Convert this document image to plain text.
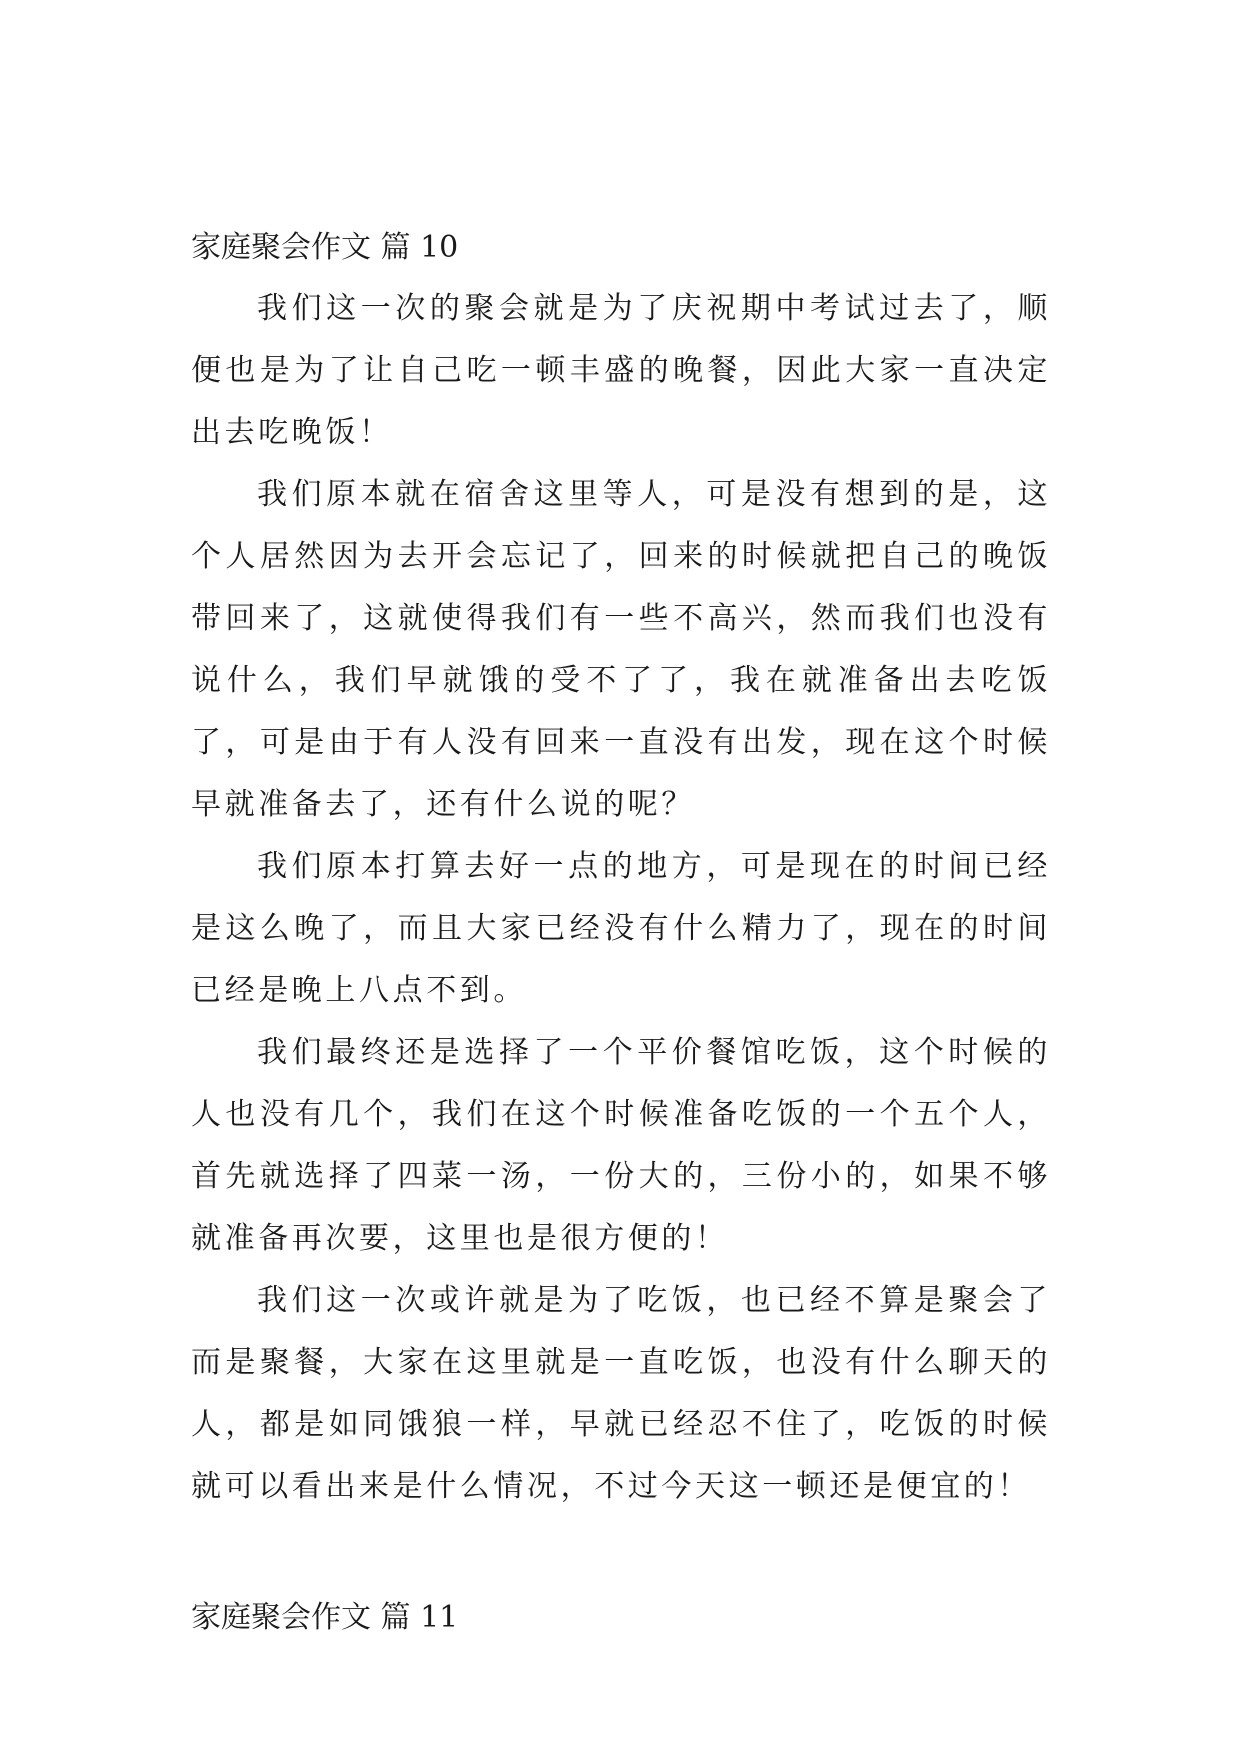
家庭聚会作文 篇 10

我们这一次的聚会就是为了庆祝期中考试过去了，顺便也是为了让自己吃一顿丰盛的晚餐，因此大家一直决定出去吃晚饭！

我们原本就在宿舍这里等人，可是没有想到的是，这个人居然因为去开会忘记了，回来的时候就把自己的晚饭带回来了，这就使得我们有一些不高兴，然而我们也没有说什么，我们早就饿的受不了了，我在就准备出去吃饭了，可是由于有人没有回来一直没有出发，现在这个时候早就准备去了，还有什么说的呢？

我们原本打算去好一点的地方，可是现在的时间已经是这么晚了，而且大家已经没有什么精力了，现在的时间已经是晚上八点不到。

我们最终还是选择了一个平价餐馆吃饭，这个时候的人也没有几个，我们在这个时候准备吃饭的一个五个人，首先就选择了四菜一汤，一份大的，三份小的，如果不够就准备再次要，这里也是很方便的！

我们这一次或许就是为了吃饭，也已经不算是聚会了而是聚餐，大家在这里就是一直吃饭，也没有什么聊天的人，都是如同饿狼一样，早就已经忍不住了，吃饭的时候就可以看出来是什么情况，不过今天这一顿还是便宜的！

家庭聚会作文 篇 11
